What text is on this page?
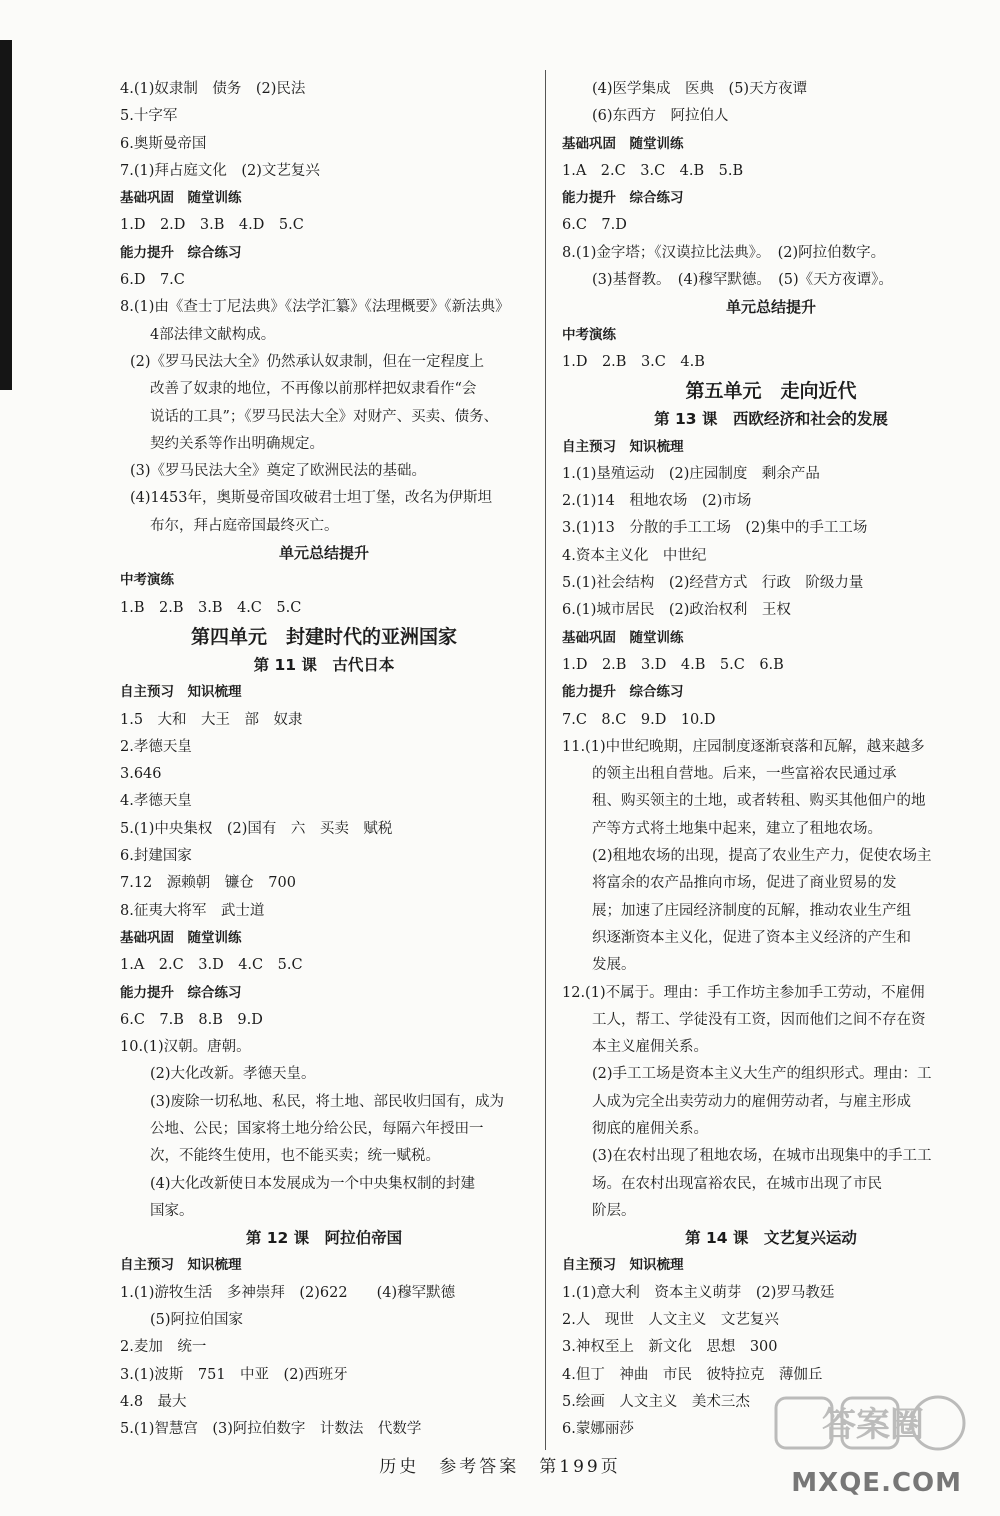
4.(1)奴隶制　债务　(2)民法
5.十字军
6.奥斯曼帝国
7.(1)拜占庭文化　(2)文艺复兴
基础巩固　随堂训练
1.D　2.D　3.B　4.D　5.C
能力提升　综合练习
6.D　7.C
8.(1)由《查士丁尼法典》《法学汇纂》《法理概要》《新法典》
4部法律文献构成。
(2)《罗马民法大全》仍然承认奴隶制，但在一定程度上
改善了奴隶的地位，不再像以前那样把奴隶看作“会
说话的工具”；《罗马民法大全》对财产、买卖、债务、
契约关系等作出明确规定。
(3)《罗马民法大全》奠定了欧洲民法的基础。
(4)1453年，奥斯曼帝国攻破君士坦丁堡，改名为伊斯坦
布尔，拜占庭帝国最终灭亡。
单元总结提升
中考演练
1.B　2.B　3.B　4.C　5.C
第四单元　封建时代的亚洲国家
第 11 课　古代日本
自主预习　知识梳理
1.5　大和　大王　部　奴隶
2.孝德天皇
3.646
4.孝德天皇
5.(1)中央集权　(2)国有　六　买卖　赋税
6.封建国家
7.12　源赖朝　镰仓　700
8.征夷大将军　武士道
基础巩固　随堂训练
1.A　2.C　3.D　4.C　5.C
能力提升　综合练习
6.C　7.B　8.B　9.D
10.(1)汉朝。唐朝。
(2)大化改新。孝德天皇。
(3)废除一切私地、私民，将土地、部民收归国有，成为
公地、公民；国家将土地分给公民，每隔六年授田一
次，不能终生使用，也不能买卖；统一赋税。
(4)大化改新使日本发展成为一个中央集权制的封建
国家。
第 12 课　阿拉伯帝国
自主预习　知识梳理
1.(1)游牧生活　多神崇拜　(2)622　　(4)穆罕默德
(5)阿拉伯国家
2.麦加　统一
3.(1)波斯　751　中亚　(2)西班牙
4.8　最大
5.(1)智慧宫　(3)阿拉伯数字　计数法　代数学
(4)医学集成　医典　(5)天方夜谭
(6)东西方　阿拉伯人
基础巩固　随堂训练
1.A　2.C　3.C　4.B　5.B
能力提升　综合练习
6.C　7.D
8.(1)金字塔；《汉谟拉比法典》。　(2)阿拉伯数字。
(3)基督教。　(4)穆罕默德。　(5)《天方夜谭》。
单元总结提升
中考演练
1.D　2.B　3.C　4.B
第五单元　走向近代
第 13 课　西欧经济和社会的发展
自主预习　知识梳理
1.(1)垦殖运动　(2)庄园制度　剩余产品
2.(1)14　租地农场　(2)市场
3.(1)13　分散的手工工场　(2)集中的手工工场
4.资本主义化　中世纪
5.(1)社会结构　(2)经营方式　行政　阶级力量
6.(1)城市居民　(2)政治权利　王权
基础巩固　随堂训练
1.D　2.B　3.D　4.B　5.C　6.B
能力提升　综合练习
7.C　8.C　9.D　10.D
11.(1)中世纪晚期，庄园制度逐渐衰落和瓦解，越来越多
的领主出租自营地。后来，一些富裕农民通过承
租、购买领主的土地，或者转租、购买其他佃户的地
产等方式将土地集中起来，建立了租地农场。
(2)租地农场的出现，提高了农业生产力，促使农场主
将富余的农产品推向市场，促进了商业贸易的发
展；加速了庄园经济制度的瓦解，推动农业生产组
织逐渐资本主义化，促进了资本主义经济的产生和
发展。
12.(1)不属于。理由：手工作坊主参加手工劳动，不雇佣
工人，帮工、学徒没有工资，因而他们之间不存在资
本主义雇佣关系。
(2)手工工场是资本主义大生产的组织形式。理由：工
人成为完全出卖劳动力的雇佣劳动者，与雇主形成
彻底的雇佣关系。
(3)在农村出现了租地农场，在城市出现集中的手工工
场。在农村出现富裕农民，在城市出现了市民
阶层。
第 14 课　文艺复兴运动
自主预习　知识梳理
1.(1)意大利　资本主义萌芽　(2)罗马教廷
2.人　现世　人文主义　文艺复兴
3.神权至上　新文化　思想　300
4.但丁　神曲　市民　彼特拉克　薄伽丘
5.绘画　人文主义　美术三杰
6.蒙娜丽莎
历史　参考答案　第199页
答案圈
MXQE.COM
